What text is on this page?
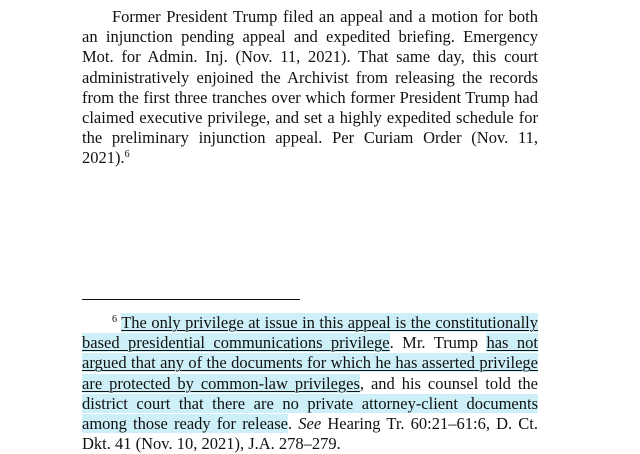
Former President Trump filed an appeal and a motion for both an injunction pending appeal and expedited briefing. Emergency Mot. for Admin. Inj. (Nov. 11, 2021). That same day, this court administratively enjoined the Archivist from releasing the records from the first three tranches over which former President Trump had claimed executive privilege, and set a highly expedited schedule for the preliminary injunction appeal. Per Curiam Order (Nov. 11, 2021).$^6$

$^6$ The only privilege at issue in this appeal is the constitutionally based presidential communications privilege. Mr. Trump has not argued that any of the documents for which he has asserted privilege are protected by common-law privileges, and his counsel told the district court that there are no private attorney-client documents among those ready for release. See Hearing Tr. 60:21–61:6, D. Ct. Dkt. 41 (Nov. 10, 2021), J.A. 278–279.
